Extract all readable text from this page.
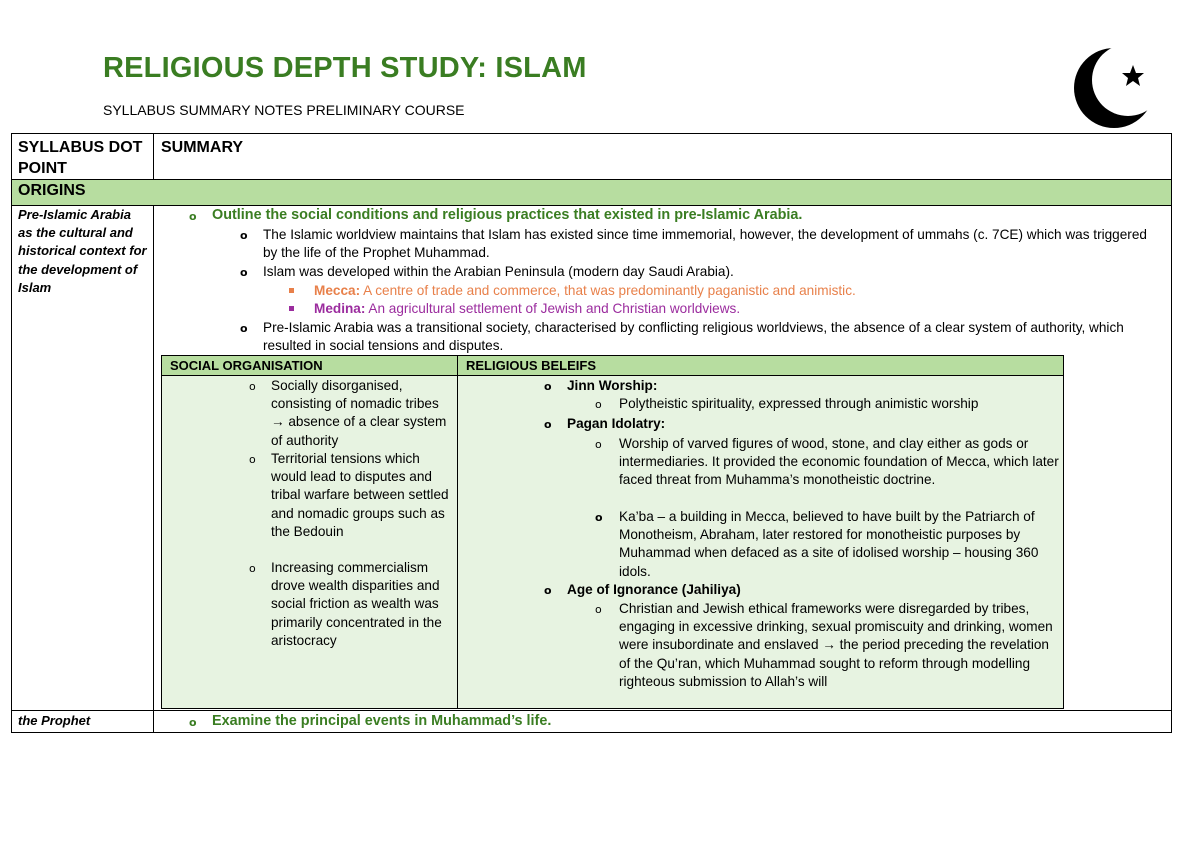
RELIGIOUS DEPTH STUDY: ISLAM
SYLLABUS SUMMARY NOTES PRELIMINARY COURSE
SYLLABUS DOT POINT
SUMMARY
ORIGINS
Pre-Islamic Arabia as the cultural and historical context for the development of Islam
o Outline the social conditions and religious practices that existed in pre-Islamic Arabia.
o The Islamic worldview maintains that Islam has existed since time immemorial, however, the development of ummahs (c. 7CE) which was triggered by the life of the Prophet Muhammad.
o Islam was developed within the Arabian Peninsula (modern day Saudi Arabia).
Mecca: A centre of trade and commerce, that was predominantly paganistic and animistic.
Medina: An agricultural settlement of Jewish and Christian worldviews.
o Pre-Islamic Arabia was a transitional society, characterised by conflicting religious worldviews, the absence of a clear system of authority, which resulted in social tensions and disputes.
SOCIAL ORGANISATION	RELIGIOUS BELEIFS
o Socially disorganised, consisting of nomadic tribes → absence of a clear system of authority
o Territorial tensions which would lead to disputes and tribal warfare between settled and nomadic groups such as the Bedouin
o Increasing commercialism drove wealth disparities and social friction as wealth was primarily concentrated in the aristocracy
o Jinn Worship:
o Polytheistic spirituality, expressed through animistic worship
o Pagan Idolatry:
o Worship of varved figures of wood, stone, and clay either as gods or intermediaries. It provided the economic foundation of Mecca, which later faced threat from Muhamma’s monotheistic doctrine.
o Ka’ba – a building in Mecca, believed to have built by the Patriarch of Monotheism, Abraham, later restored for monotheistic purposes by Muhammad when defaced as a site of idolised worship – housing 360 idols.
o Age of Ignorance (Jahiliya)
o Christian and Jewish ethical frameworks were disregarded by tribes, engaging in excessive drinking, sexual promiscuity and drinking, women were insubordinate and enslaved → the period preceding the revelation of the Qu’ran, which Muhammad sought to reform through modelling righteous submission to Allah’s will
the Prophet	o Examine the principal events in Muhammad’s life.
